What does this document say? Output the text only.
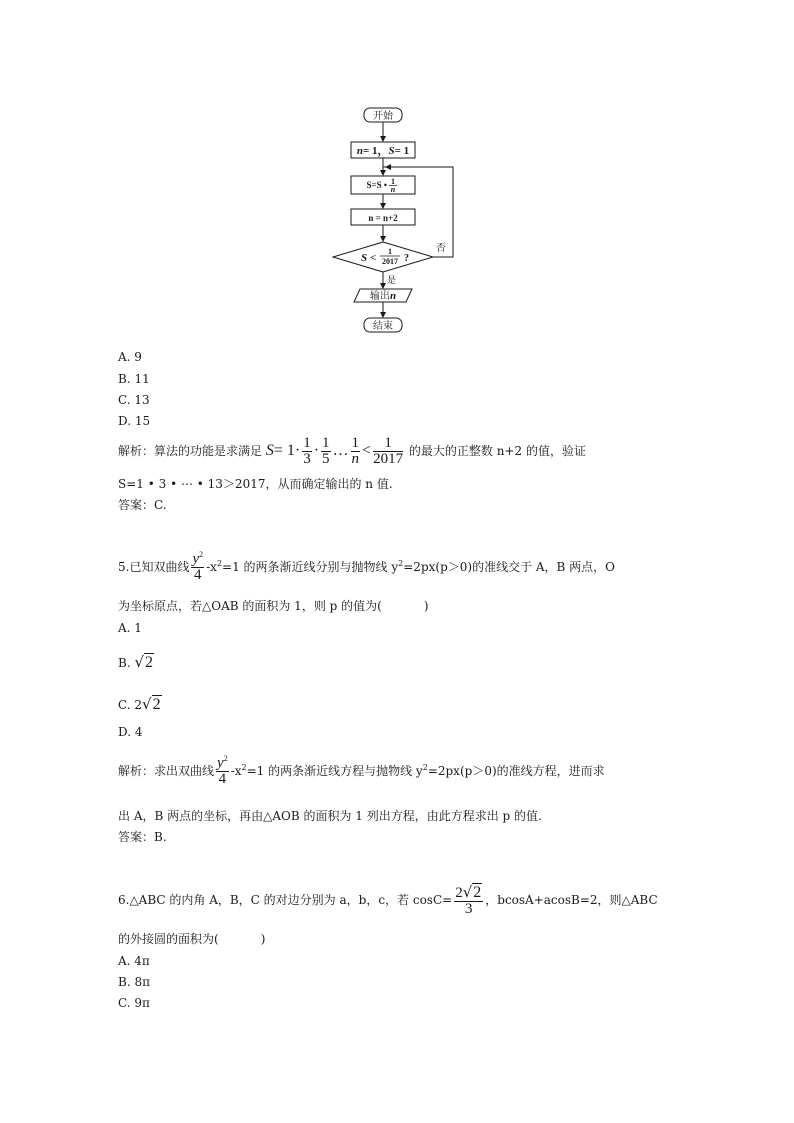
开始
n= 1，S= 1
S=S • 1
n
n = n+2
S <
1
2017 ?
否
是
输出n
结束
A. 9
B. 11
C. 13
D. 15
解析：算法的功能是求满足 $S= 1\cdot \frac{1}{3} \cdot \frac{1}{5}$ … $\frac{1}{n} < \frac{1}{2017}$ 的最大的正整数 n+2 的值，验证
S=1 • 3 • ⋯ • 13＞2017，从而确定输出的 n 值.
答案：C.
5.已知双曲线 $\frac{y^2}{4} -x^2=1$ 的两条渐近线分别与抛物线 $y^2=2px(p>0)$的准线交于 A，B 两点，O
为坐标原点，若△OAB 的面积为 1，则 p 的值为(	)
A. 1
B. √2
C. 2√2
D. 4
解析：求出双曲线 $\frac{y^2}{4} -x^2=1$ 的两条渐近线方程与抛物线 $y^2=2px(p>0)$的准线方程，进而求
出 A，B 两点的坐标，再由△AOB 的面积为 1 列出方程，由此方程求出 p 的值.
答案：B.
6.△ABC 的内角 A，B，C 的对边分别为 a，b，c，若 $\cos C= \frac{2√2}{3}$ ，bcosA+acosB=2，则△ABC
的外接圆的面积为(	)
A. 4π
B. 8π
C. 9π
